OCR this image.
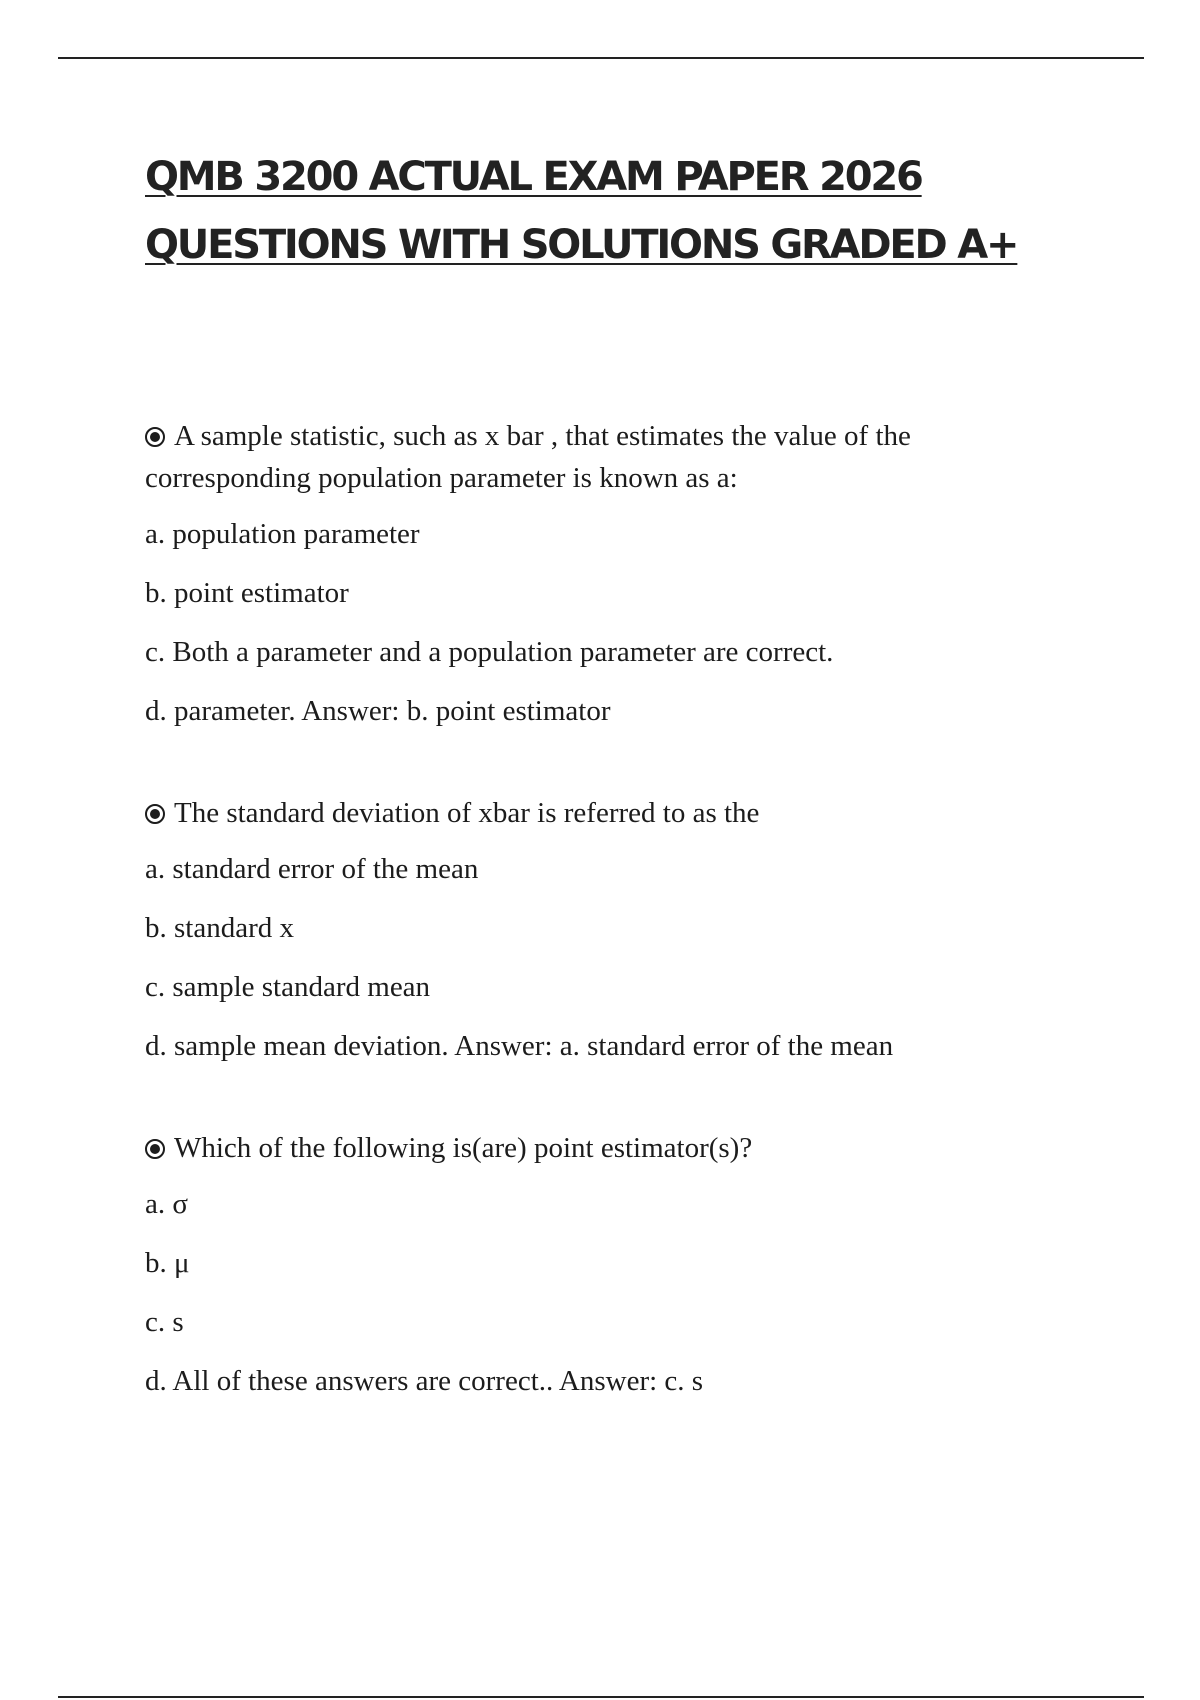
QMB 3200 ACTUAL EXAM PAPER 2026
QUESTIONS WITH SOLUTIONS GRADED A+
A sample statistic, such as x bar , that estimates the value of the corresponding population parameter is known as a:
a. population parameter
b. point estimator
c. Both a parameter and a population parameter are correct.
d. parameter. Answer: b. point estimator
The standard deviation of xbar is referred to as the
a. standard error of the mean
b. standard x
c. sample standard mean
d. sample mean deviation. Answer: a. standard error of the mean
Which of the following is(are) point estimator(s)?
a. σ
b. μ
c. s
d. All of these answers are correct.. Answer: c. s
